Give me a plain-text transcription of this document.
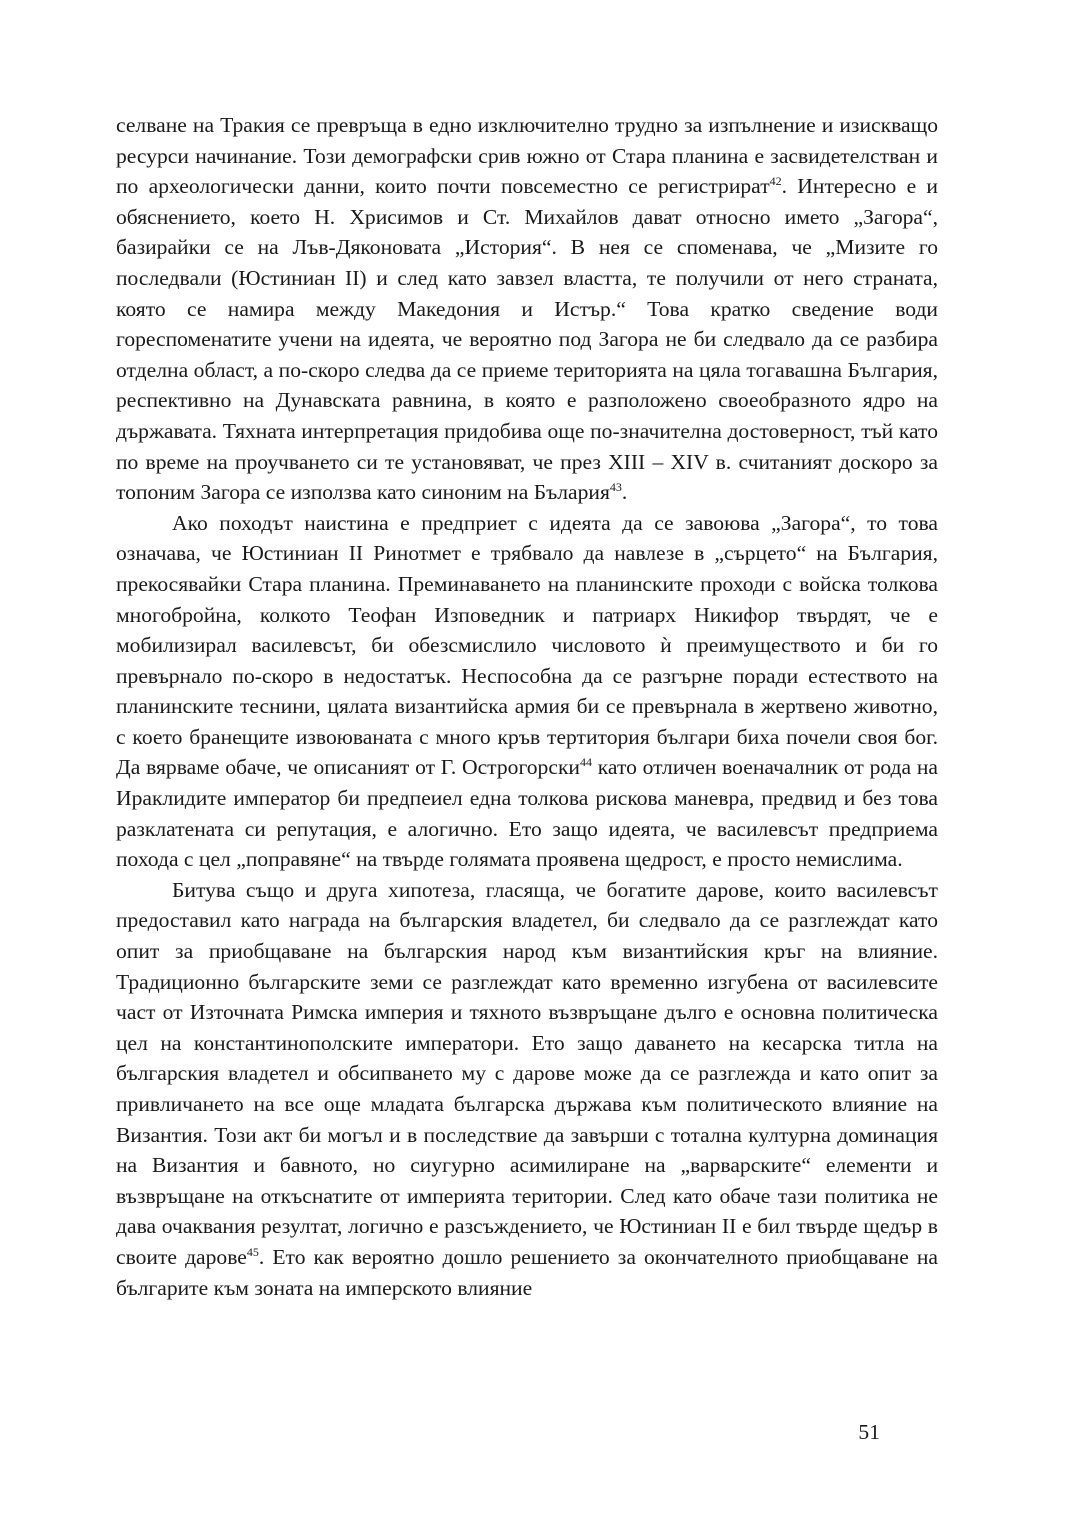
селване на Тракия се превръща в едно изключително трудно за изпълнение и изискващо ресурси начинание. Този демографски срив южно от Стара планина е засвидетелстван и по археологически данни, които почти повсеместно се регистрират$^{42}$. Интересно е и обяснението, което Н. Хрисимов и Ст. Михайлов дават относно името „Загора“, базирайки се на Лъв-Дяконовата „История“. В нея се споменава, че „Мизите го последвали (Юстиниан II) и след като завзел властта, те получили от него страната, която се намира между Македония и Истър.“ Това кратко сведение води гореспоменатите учени на идеята, че вероятно под Загора не би следвало да се разбира отделна област, а по-скоро следва да се приеме територията на цяла тогавашна България, респективно на Дунавската равнина, в която е разположено своеобразното ядро на държавата. Тяхната интерпретация придобива още по-значителна достоверност, тъй като по време на проучването си те установяват, че през XIII – XIV в. считаният доскоро за топоним Загора се използва като синоним на Бълария$^{43}$.

Ако походът наистина е предприет с идеята да се завоюва „Загора“, то това означава, че Юстиниан II Ринотмет е трябвало да навлезе в „сърцето“ на България, прекосявайки Стара планина. Преминаването на планинските проходи с войска толкова многобройна, колкото Теофан Изповедник и патриарх Никифор твърдят, че е мобилизирал василевсът, би обезсмислило числовото ѝ преимуществото и би го превърнало по-скоро в недостатък. Неспособна да се разгърне поради естеството на планинските теснини, цялата византийска армия би се превърнала в жертвено животно, с което бранещите извоюваната с много кръв тертитория българи биха почели своя бог. Да вярваме обаче, че описаният от Г. Острогорски$^{44}$ като отличен военачалник от рода на Ираклидите император би предпеиел една толкова рискова маневра, предвид и без това разклатената си репутация, е алогично. Ето защо идеята, че василевсът предприема похода с цел „поправяне“ на твърде голямата проявена щедрост, е просто немислима.

Битува също и друга хипотеза, гласяща, че богатите дарове, които василевсът предоставил като награда на българския владетел, би следвало да се разглеждат като опит за приобщаване на българския народ към византийския кръг на влияние. Традиционно българските земи се разглеждат като временно изгубена от василевсите част от Източната Римска империя и тяхното възвръщане дълго е основна политическа цел на константинополските императори. Ето защо даването на кесарска титла на българския владетел и обсипването му с дарове може да се разглежда и като опит за привличането на все още младата българска държава към политическото влияние на Византия. Този акт би могъл и в последствие да завърши с тотална културна доминация на Византия и бавното, но сиугурно асимилиране на „варварските“ елементи и възвръщане на откъснатите от империята територии. След като обаче тази политика не дава очаквания резултат, логично е разсъждението, че Юстиниан II е бил твърде щедър в своите дарове$^{45}$. Ето как вероятно дошло решението за окончателното приобщаване на българите към зоната на имперското влияние

51
